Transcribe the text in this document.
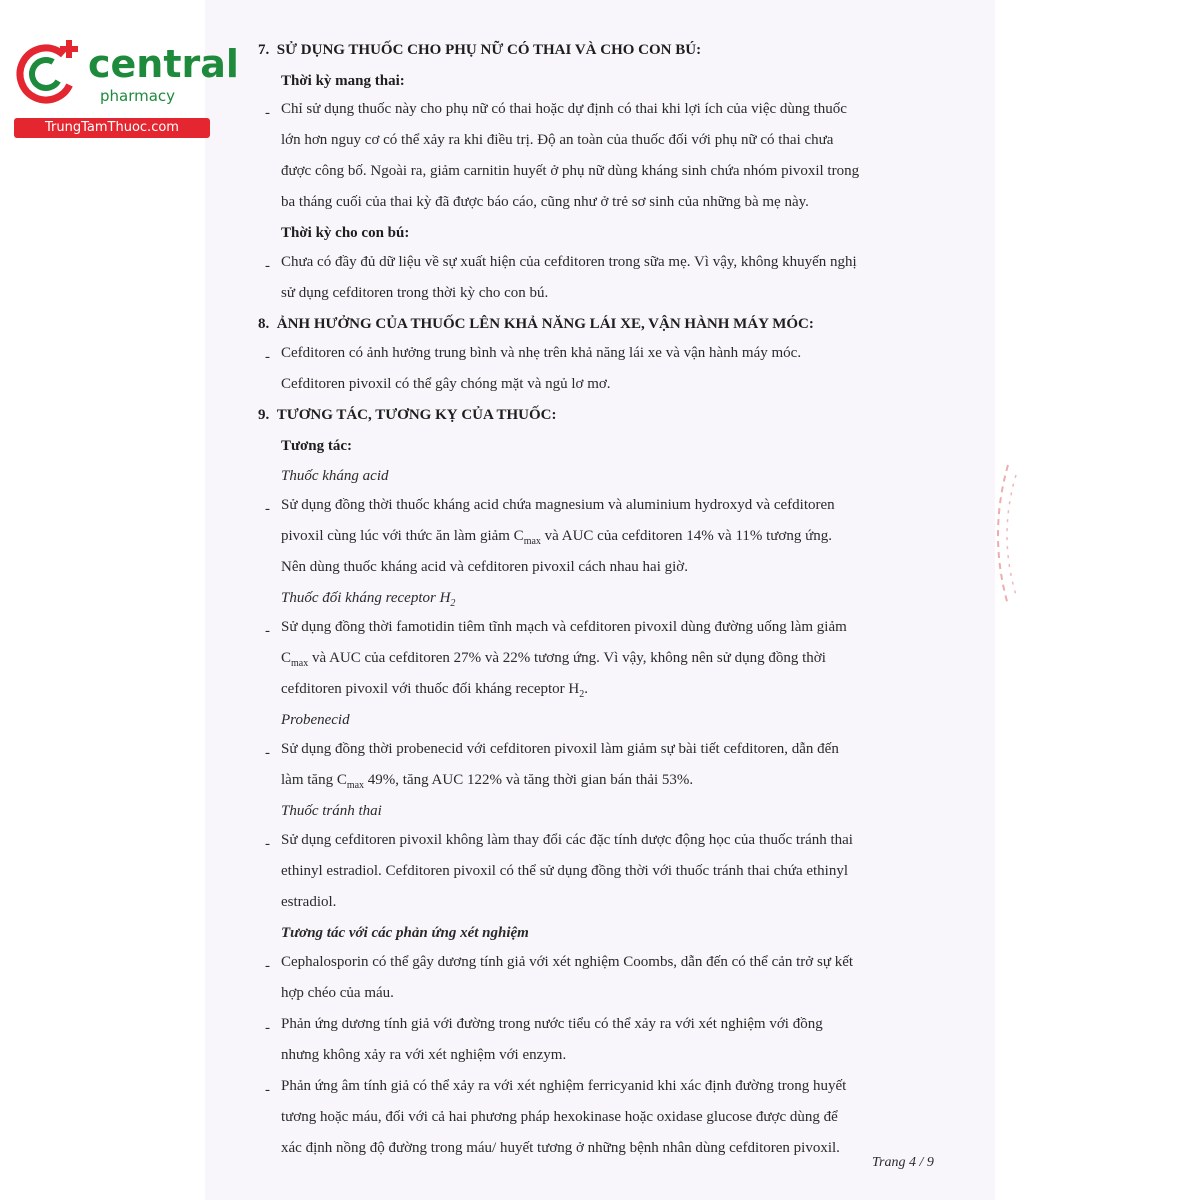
central
pharmacy
TrungTamThuoc.com
7.  SỬ DỤNG THUỐC CHO PHỤ NỮ CÓ THAI VÀ CHO CON BÚ:
Thời kỳ mang thai:
- Chỉ sử dụng thuốc này cho phụ nữ có thai hoặc dự định có thai khi lợi ích của việc dùng thuốc
lớn hơn nguy cơ có thể xảy ra khi điều trị. Độ an toàn của thuốc đối với phụ nữ có thai chưa
được công bố. Ngoài ra, giảm carnitin huyết ở phụ nữ dùng kháng sinh chứa nhóm pivoxil trong
ba tháng cuối của thai kỳ đã được báo cáo, cũng như ở trẻ sơ sinh của những bà mẹ này.
Thời kỳ cho con bú:
- Chưa có đầy đủ dữ liệu về sự xuất hiện của cefditoren trong sữa mẹ. Vì vậy, không khuyến nghị
sử dụng cefditoren trong thời kỳ cho con bú.
8.  ẢNH HƯỞNG CỦA THUỐC LÊN KHẢ NĂNG LÁI XE, VẬN HÀNH MÁY MÓC:
- Cefditoren có ảnh hưởng trung bình và nhẹ trên khả năng lái xe và vận hành máy móc.
Cefditoren pivoxil có thể gây chóng mặt và ngủ lơ mơ.
9.  TƯƠNG TÁC, TƯƠNG KỴ CỦA THUỐC:
Tương tác:
Thuốc kháng acid
- Sử dụng đồng thời thuốc kháng acid chứa magnesium và aluminium hydroxyd và cefditoren
pivoxil cùng lúc với thức ăn làm giảm $C_{max}$ và AUC của cefditoren 14% và 11% tương ứng.
Nên dùng thuốc kháng acid và cefditoren pivoxil cách nhau hai giờ.
Thuốc đối kháng receptor $H_2$
- Sử dụng đồng thời famotidin tiêm tĩnh mạch và cefditoren pivoxil dùng đường uống làm giảm
$C_{max}$ và AUC của cefditoren 27% và 22% tương ứng. Vì vậy, không nên sử dụng đồng thời
cefditoren pivoxil với thuốc đối kháng receptor $H_2$.
Probenecid
- Sử dụng đồng thời probenecid với cefditoren pivoxil làm giảm sự bài tiết cefditoren, dẫn đến
làm tăng $C_{max}$ 49%, tăng AUC 122% và tăng thời gian bán thải 53%.
Thuốc tránh thai
- Sử dụng cefditoren pivoxil không làm thay đổi các đặc tính dược động học của thuốc tránh thai
ethinyl estradiol. Cefditoren pivoxil có thể sử dụng đồng thời với thuốc tránh thai chứa ethinyl
estradiol.
Tương tác với các phản ứng xét nghiệm
- Cephalosporin có thể gây dương tính giả với xét nghiệm Coombs, dẫn đến có thể cản trở sự kết
hợp chéo của máu.
- Phản ứng dương tính giả với đường trong nước tiểu có thể xảy ra với xét nghiệm với đồng
nhưng không xảy ra với xét nghiệm với enzym.
- Phản ứng âm tính giả có thể xảy ra với xét nghiệm ferricyanid khi xác định đường trong huyết
tương hoặc máu, đối với cả hai phương pháp hexokinase hoặc oxidase glucose được dùng để
xác định nồng độ đường trong máu/ huyết tương ở những bệnh nhân dùng cefditoren pivoxil.
Trang 4 / 9
